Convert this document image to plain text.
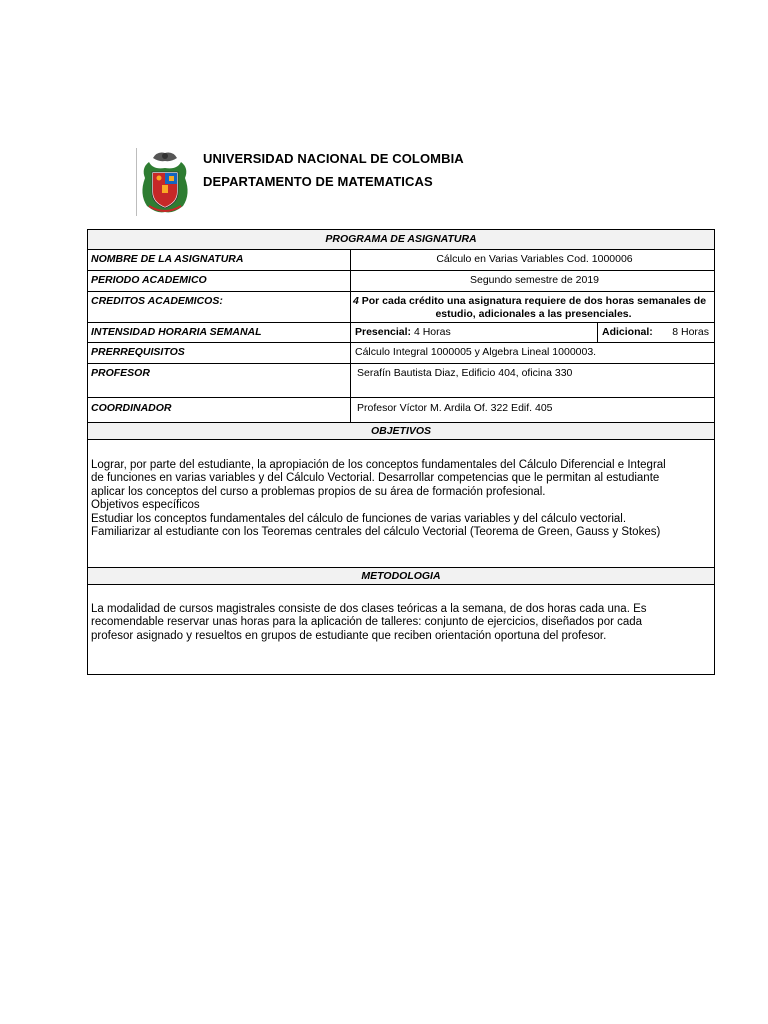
UNIVERSIDAD NACIONAL DE COLOMBIA
DEPARTAMENTO DE MATEMATICAS
PROGRAMA DE ASIGNATURA
NOMBRE DE LA ASIGNATURA	Cálculo en Varias Variables Cod. 1000006
PERIODO ACADEMICO	Segundo semestre de 2019
CREDITOS ACADEMICOS:	4 Por cada crédito una asignatura requiere de dos horas semanales de
estudio, adicionales a las presenciales.
INTENSIDAD HORARIA SEMANAL	Presencial: 4 Horas	Adicional: 8 Horas
PRERREQUISITOS	Cálculo Integral 1000005 y Algebra Lineal 1000003.
PROFESOR	Serafín Bautista Diaz, Edificio 404, oficina 330
COORDINADOR	Profesor Víctor M. Ardila Of. 322 Edif. 405
OBJETIVOS
Lograr, por parte del estudiante, la apropiación de los conceptos fundamentales del Cálculo Diferencial e Integral
de funciones en varias variables y del Cálculo Vectorial. Desarrollar competencias que le permitan al estudiante
aplicar los conceptos del curso a problemas propios de su área de formación profesional.
Objetivos específicos
Estudiar los conceptos fundamentales del cálculo de funciones de varias variables y del cálculo vectorial.
Familiarizar al estudiante con los Teoremas centrales del cálculo Vectorial (Teorema de Green, Gauss y Stokes)
METODOLOGIA
La modalidad de cursos magistrales consiste de dos clases teóricas a la semana, de dos horas cada una. Es
recomendable reservar unas horas para la aplicación de talleres: conjunto de ejercicios, diseñados por cada
profesor asignado y resueltos en grupos de estudiante que reciben orientación oportuna del profesor.
